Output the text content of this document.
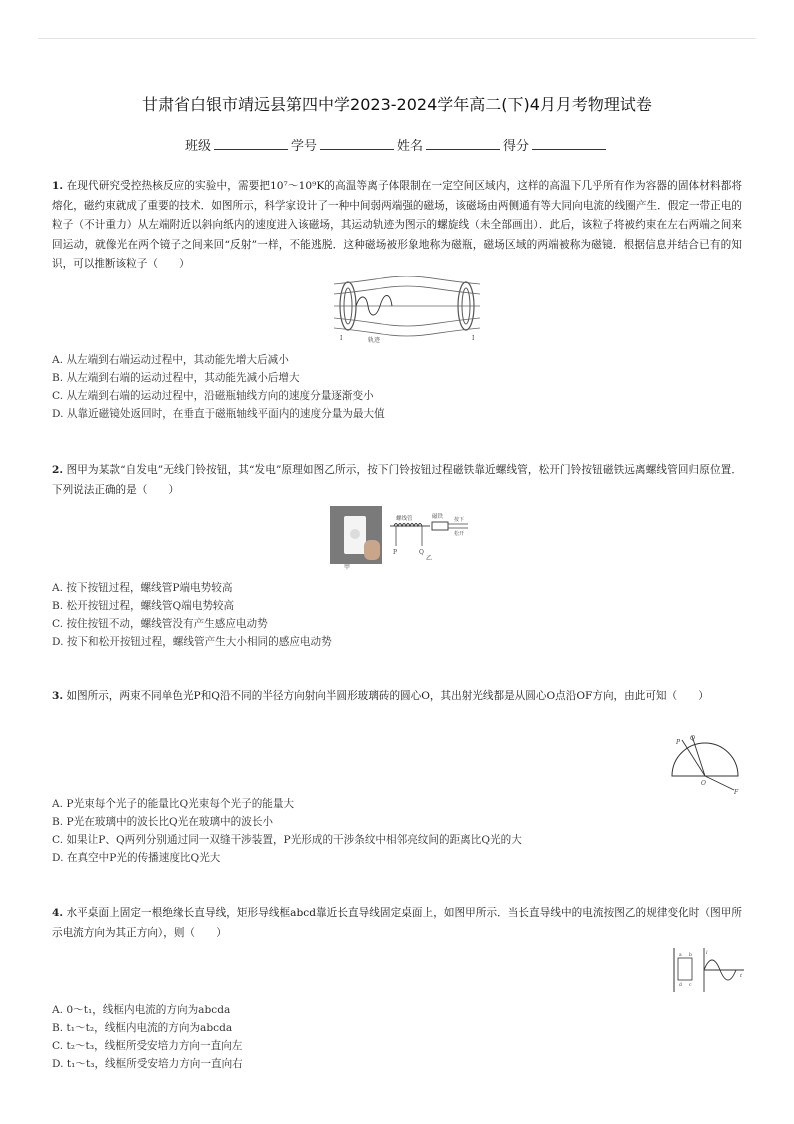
甘肃省白银市靖远县第四中学2023-2024学年高二(下)4月月考物理试卷
班级	学号	姓名	得分
1. 在现代研究受控热核反应的实验中，需要把10⁷～10⁹K的高温等离子体限制在一定空间区域内，这样的高温下几乎所有作为容器的固体材料都将熔化，磁约束就成了重要的技术．如图所示，科学家设计了一种中间弱两端强的磁场，该磁场由两侧通有等大同向电流的线圈产生．假定一带正电的粒子（不计重力）从左端附近以斜向纸内的速度进入该磁场，其运动轨迹为图示的螺旋线（未全部画出）．此后，该粒子将被约束在左右两端之间来回运动，就像光在两个镜子之间来回“反射”一样，不能逃脱．这种磁场被形象地称为磁瓶，磁场区域的两端被称为磁镜．根据信息并结合已有的知识，可以推断该粒子（　　）
I	I
轨迹
A. 从左端到右端运动过程中，其动能先增大后减小
B. 从左端到右端的运动过程中，其动能先减小后增大
C. 从左端到右端的运动过程中，沿磁瓶轴线方向的速度分量逐渐变小
D. 从靠近磁镜处返回时，在垂直于磁瓶轴线平面内的速度分量为最大值
2. 图甲为某款“自发电”无线门铃按钮，其“发电”原理如图乙所示，按下门铃按钮过程磁铁靠近螺线管，松开门铃按钮磁铁远离螺线管回归原位置．下列说法正确的是（　　）
甲
P	Q
螺线管	磁铁 按下
松开
乙
A. 按下按钮过程，螺线管P端电势较高
B. 松开按钮过程，螺线管Q端电势较高
C. 按住按钮不动，螺线管没有产生感应电动势
D. 按下和松开按钮过程，螺线管产生大小相同的感应电动势
3. 如图所示，两束不同单色光P和Q沿不同的半径方向射向半圆形玻璃砖的圆心O，其出射光线都是从圆心O点沿OF方向，由此可知（　　）
P
Q
O
F
A. P光束每个光子的能量比Q光束每个光子的能量大
B. P光在玻璃中的波长比Q光在玻璃中的波长小
C. 如果让P、Q两列分别通过同一双缝干涉装置，P光形成的干涉条纹中相邻亮纹间的距离比Q光的大
D. 在真空中P光的传播速度比Q光大
4. 水平桌面上固定一根绝缘长直导线，矩形导线框abcd靠近长直导线固定桌面上，如图甲所示．当长直导线中的电流按图乙的规律变化时（图甲所示电流方向为其正方向），则（　　）
a b
c
d
i
t
A. 0～t₁，线框内电流的方向为abcda
B. t₁～t₂，线框内电流的方向为abcda
C. t₂～t₃，线框所受安培力方向一直向左
D. t₁～t₃，线框所受安培力方向一直向右
